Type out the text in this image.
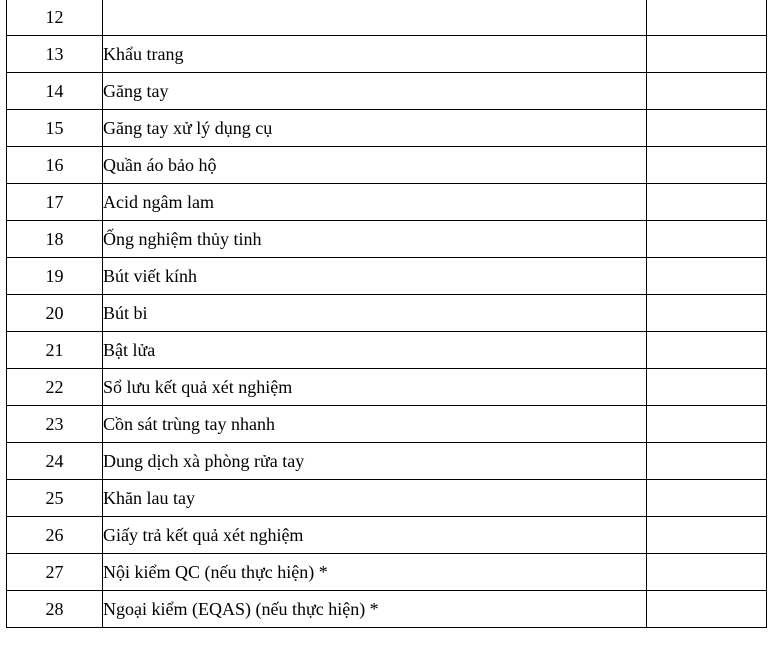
12		
13	Khẩu trang	
14	Găng tay	
15	Găng tay xử lý dụng cụ	
16	Quần áo bảo hộ	
17	Acid ngâm lam	
18	Ống nghiệm thủy tinh	
19	Bút viết kính	
20	Bút bi	
21	Bật lửa	
22	Sổ lưu kết quả xét nghiệm	
23	Cồn sát trùng tay nhanh	
24	Dung dịch xà phòng rửa tay	
25	Khăn lau tay	
26	Giấy trả kết quả xét nghiệm	
27	Nội kiểm QC (nếu thực hiện) *	
28	Ngoại kiểm (EQAS) (nếu thực hiện) *	
